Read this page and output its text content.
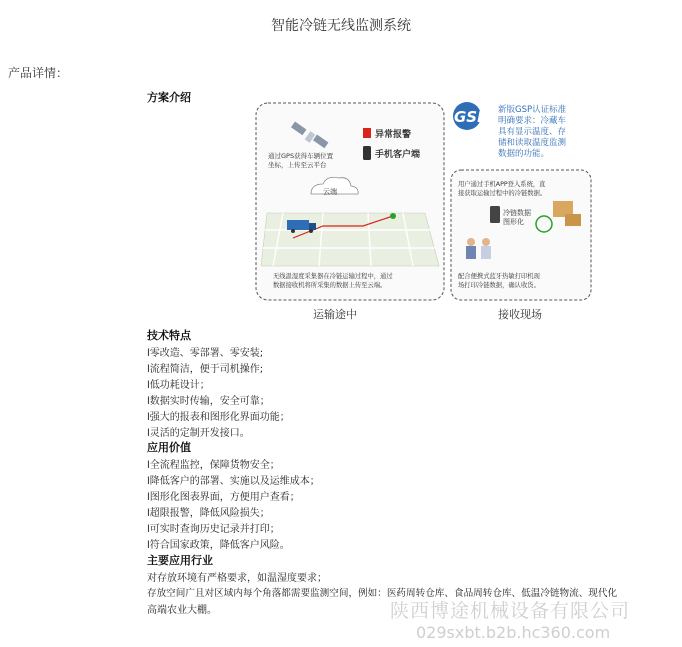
智能冷链无线监测系统
产品详情：
方案介绍
GSP 新版GSP认证标准 明确要求：冷藏车 具有显示温度、存 储和读取温度监测 数据的功能。
通过GPS获得车辆位置 坐标，上传至云平台
异常报警
手机客户端
云端
无线温湿度采集器在冷链运输过程中，通过 数据接收机将所采集的数据上传至云端。
用户通过手机APP登入系统，直 接获取运输过程中的冷链数据。
冷链数据 图形化
配合便携式蓝牙热敏打印机现 场打印冷链数据，确认收货。
运输途中	接收现场
技术特点
l零改造、零部署、零安装;
l流程简洁，便于司机操作;
l低功耗设计；
l数据实时传输，安全可靠；
l强大的报表和图形化界面功能；
l灵活的定制开发接口。
应用价值
l全流程监控，保障货物安全；
l降低客户的部署、实施以及运维成本；
l图形化图表界面，方便用户查看；
l超限报警，降低风险损失；
l可实时查询历史记录并打印；
l符合国家政策，降低客户风险。
主要应用行业
对存放环境有严格要求，如温湿度要求；
存放空间广且对区域内每个角落都需要监测空间，例如：医药周转仓库、食品周转仓库、低温冷链物流、现代化
高端农业大棚。	陕西博途机械设备有限公司
029sxbt.b2b.hc360.com
